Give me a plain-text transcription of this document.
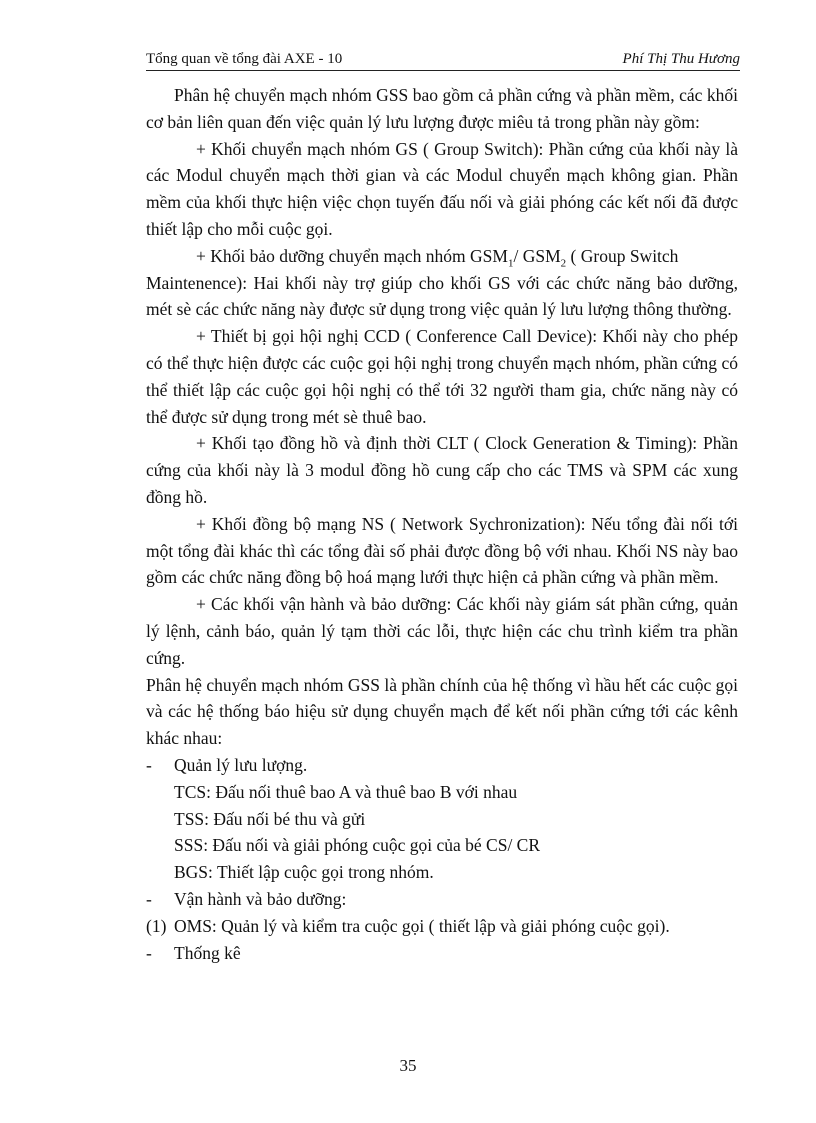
Tổng quan về tổng đài AXE - 10	Phí Thị Thu Hương

Phân hệ chuyển mạch nhóm GSS bao gồm cả phần cứng và phần mềm, các khối cơ bản liên quan đến việc quản lý lưu lượng được miêu tả trong phần này gồm:

+ Khối chuyển mạch nhóm GS ( Group Switch): Phần cứng của khối này là các Modul chuyển mạch thời gian và các Modul chuyển mạch không gian. Phần mềm của khối thực hiện việc chọn tuyến đấu nối và giải phóng các kết nối đã được thiết lập cho mỗi cuộc gọi.

+ Khối bảo dưỡng chuyển mạch nhóm $GSM_1/$ $GSM_2$ ( Group Switch

Maintenence): Hai khối này trợ giúp cho khối GS với các chức năng bảo dưỡng, mét sè các chức năng này được sử dụng trong việc quản lý lưu lượng thông thường.

+ Thiết bị gọi hội nghị CCD ( Conference Call Device): Khối này cho phép có thể thực hiện được các cuộc gọi hội nghị trong chuyển mạch nhóm, phần cứng có thể thiết lập các cuộc gọi hội nghị có thể tới 32 người tham gia, chức năng này có thể được sử dụng trong mét sè thuê bao.

+ Khối tạo đồng hồ và định thời CLT ( Clock Generation & Timing): Phần cứng của khối này là 3 modul đồng hồ cung cấp cho các TMS và SPM các xung đồng hồ.

+ Khối đồng bộ mạng NS ( Network Sychronization): Nếu tổng đài nối tới một tổng đài khác thì các tổng đài số phải được đồng bộ với nhau. Khối NS này bao gồm các chức năng đồng bộ hoá mạng lưới thực hiện cả phần cứng và phần mềm.

+ Các khối vận hành và bảo dưỡng: Các khối này giám sát phần cứng, quản lý lệnh, cảnh báo, quản lý tạm thời các lỗi, thực hiện các chu trình kiểm tra phần cứng.

Phân hệ chuyển mạch nhóm GSS là phần chính của hệ thống vì hầu hết các cuộc gọi và các hệ thống báo hiệu sử dụng chuyển mạch để kết nối phần cứng tới các kênh khác nhau:

- Quản lý lưu lượng.

TCS: Đấu nối thuê bao A và thuê bao B với nhau

TSS: Đấu nối bé thu và gửi

SSS: Đấu nối và giải phóng cuộc gọi của bé CS/ CR

BGS: Thiết lập cuộc gọi trong nhóm.

- Vận hành và bảo dưỡng:

(1) OMS: Quản lý và kiểm tra cuộc gọi ( thiết lập và giải phóng cuộc gọi).

- Thống kê

35
